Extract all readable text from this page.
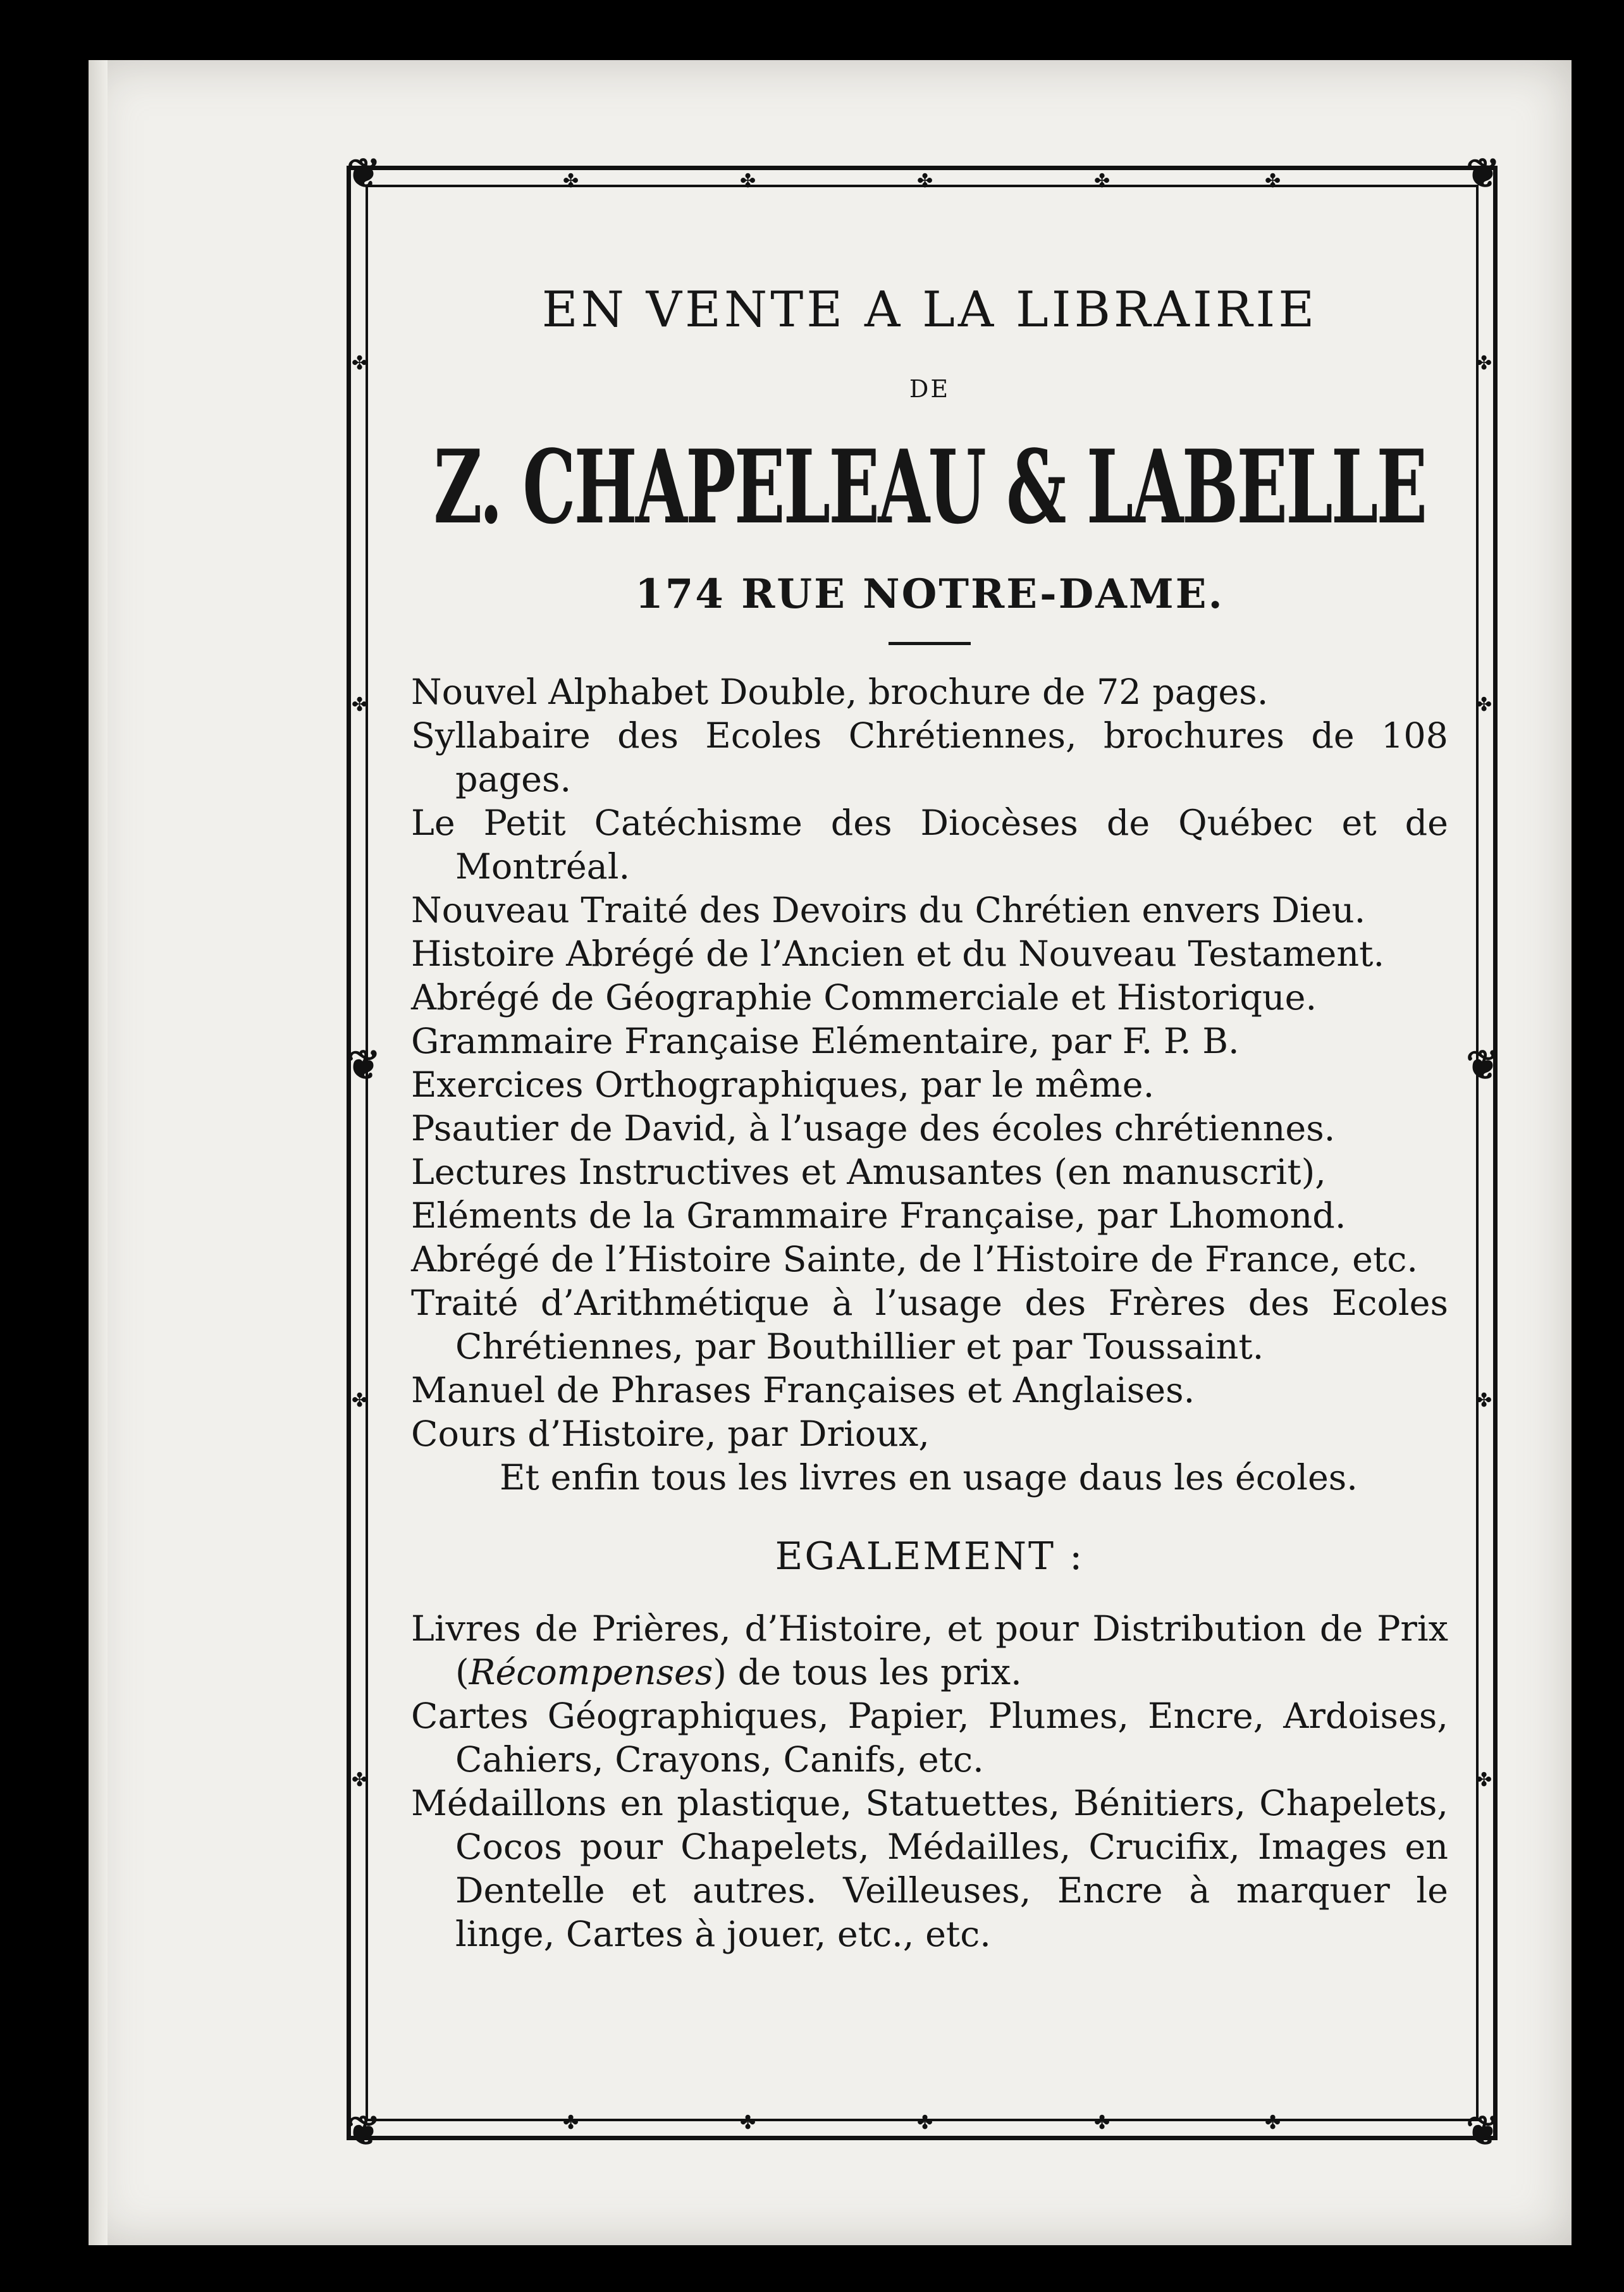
❦	❦
❦	❦
❦	❦
✤	✤	✤	✤	✤
✤	✤	✤	✤	✤
✤
✤
✤
✤
✤
✤
✤
✤
EN VENTE A LA LIBRAIRIE
DE
Z. CHAPELEAU & LABELLE
174 RUE NOTRE-DAME.
Nouvel Alphabet Double, brochure de 72 pages.
Syllabaire des Ecoles Chrétiennes, brochures de 108 pages.
Le Petit Catéchisme des Diocèses de Québec et de Montréal.
Nouveau Traité des Devoirs du Chrétien envers Dieu.
Histoire Abrégé de l’Ancien et du Nouveau Testament.
Abrégé de Géographie Commerciale et Historique.
Grammaire Française Elémentaire, par F. P. B.
Exercices Orthographiques, par le même.
Psautier de David, à l’usage des écoles chrétiennes.
Lectures Instructives et Amusantes (en manuscrit),
Eléments de la Grammaire Française, par Lhomond.
Abrégé de l’Histoire Sainte, de l’Histoire de France, etc.
Traité d’Arithmétique à l’usage des Frères des Ecoles Chrétiennes, par Bouthillier et par Toussaint.
Manuel de Phrases Françaises et Anglaises.
Cours d’Histoire, par Drioux,

Et enfin tous les livres en usage daus les écoles.

EGALEMENT :

Livres de Prières, d’Histoire, et pour Distribution de Prix (Récompenses) de tous les prix.

Cartes Géographiques, Papier, Plumes, Encre, Ardoises, Cahiers, Crayons, Canifs, etc.

Médaillons en plastique, Statuettes, Bénitiers, Chapelets, Cocos pour Chapelets, Médailles, Crucifix, Images en Dentelle et autres. Veilleuses, Encre à marquer le linge, Cartes à jouer, etc., etc.
